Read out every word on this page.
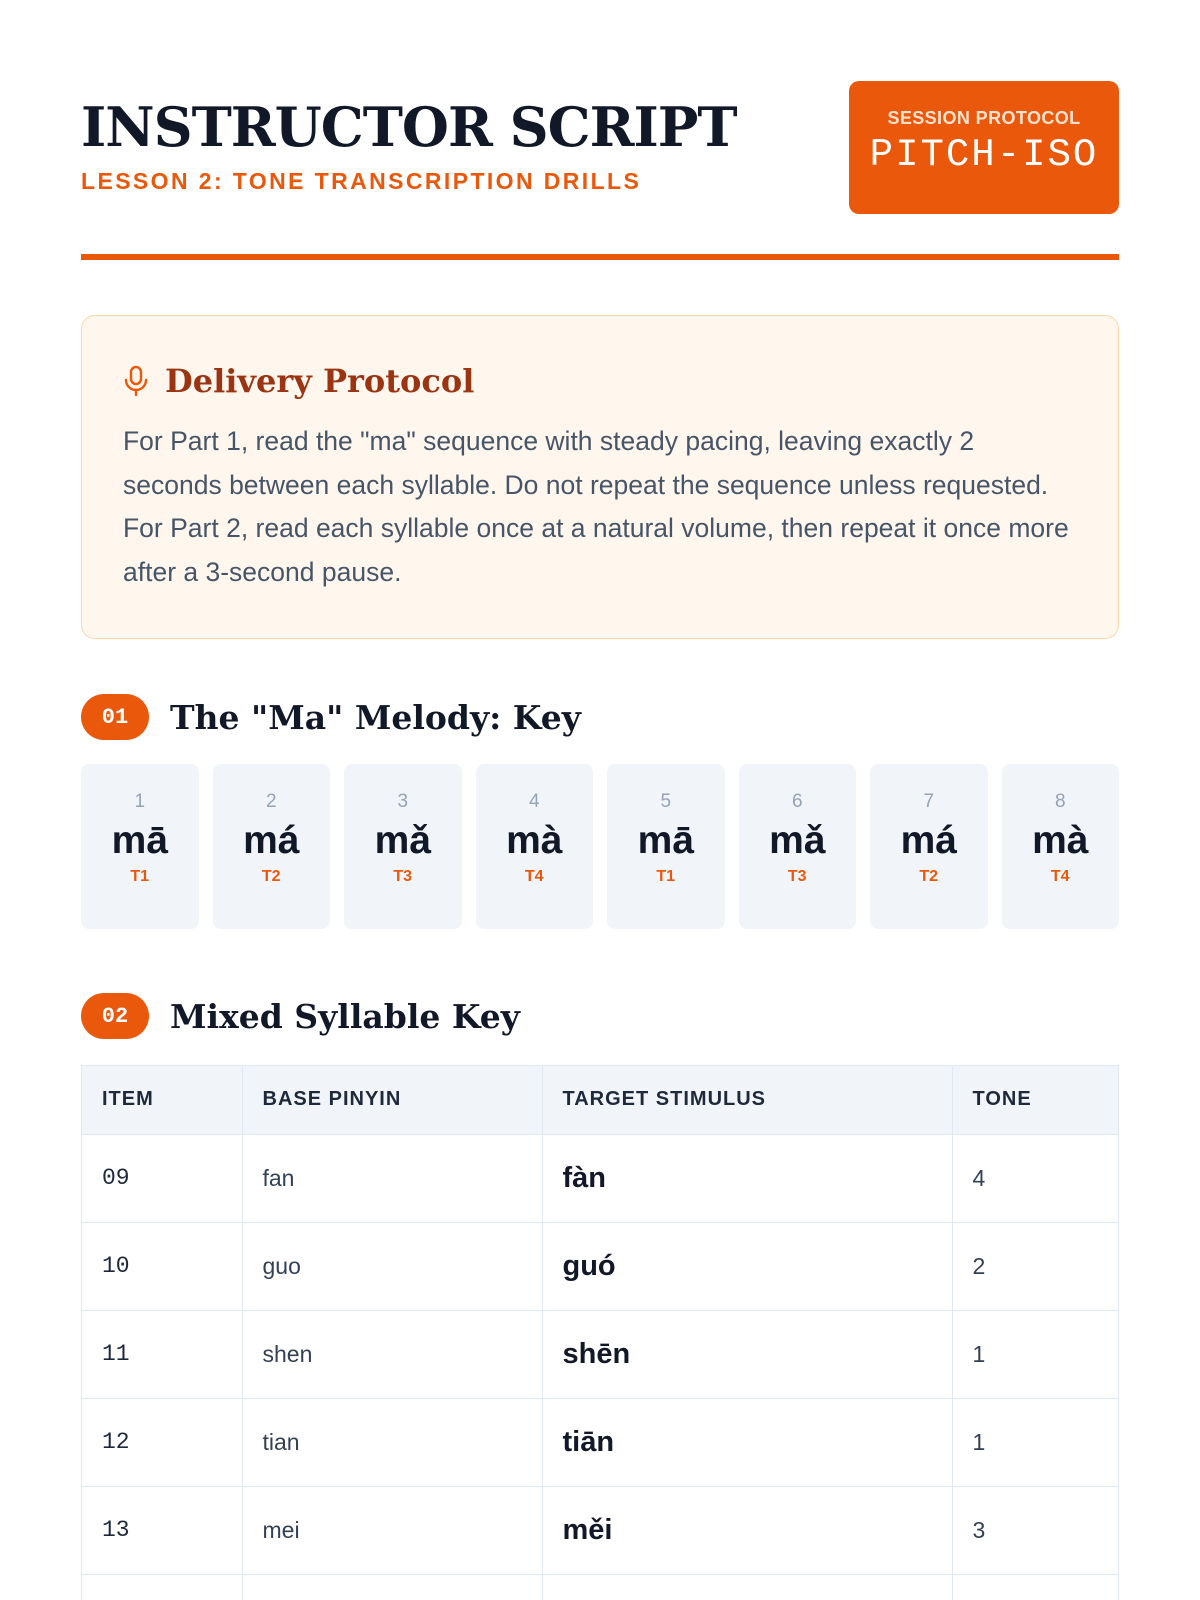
INSTRUCTOR SCRIPT
LESSON 2: TONE TRANSCRIPTION DRILLS
SESSION PROTOCOL
PITCH-ISO
Delivery Protocol

For Part 1, read the "ma" sequence with steady pacing, leaving exactly 2 seconds between each syllable. Do not repeat the sequence unless requested. For Part 2, read each syllable once at a natural volume, then repeat it once more after a 3-second pause.

01	The "Ma" Melody: Key
1
mā
T1
2
má
T2
3
mǎ
T3
4
mà
T4
5
mā
T1
6
mǎ
T3
7
má
T2
8
mà
T4
02	Mixed Syllable Key
ITEM	BASE PINYIN	TARGET STIMULUS	TONE
09	fan	fàn	4
10	guo	guó	2
11	shen	shēn	1
12	tian	tiān	1
13	mei	měi	3
